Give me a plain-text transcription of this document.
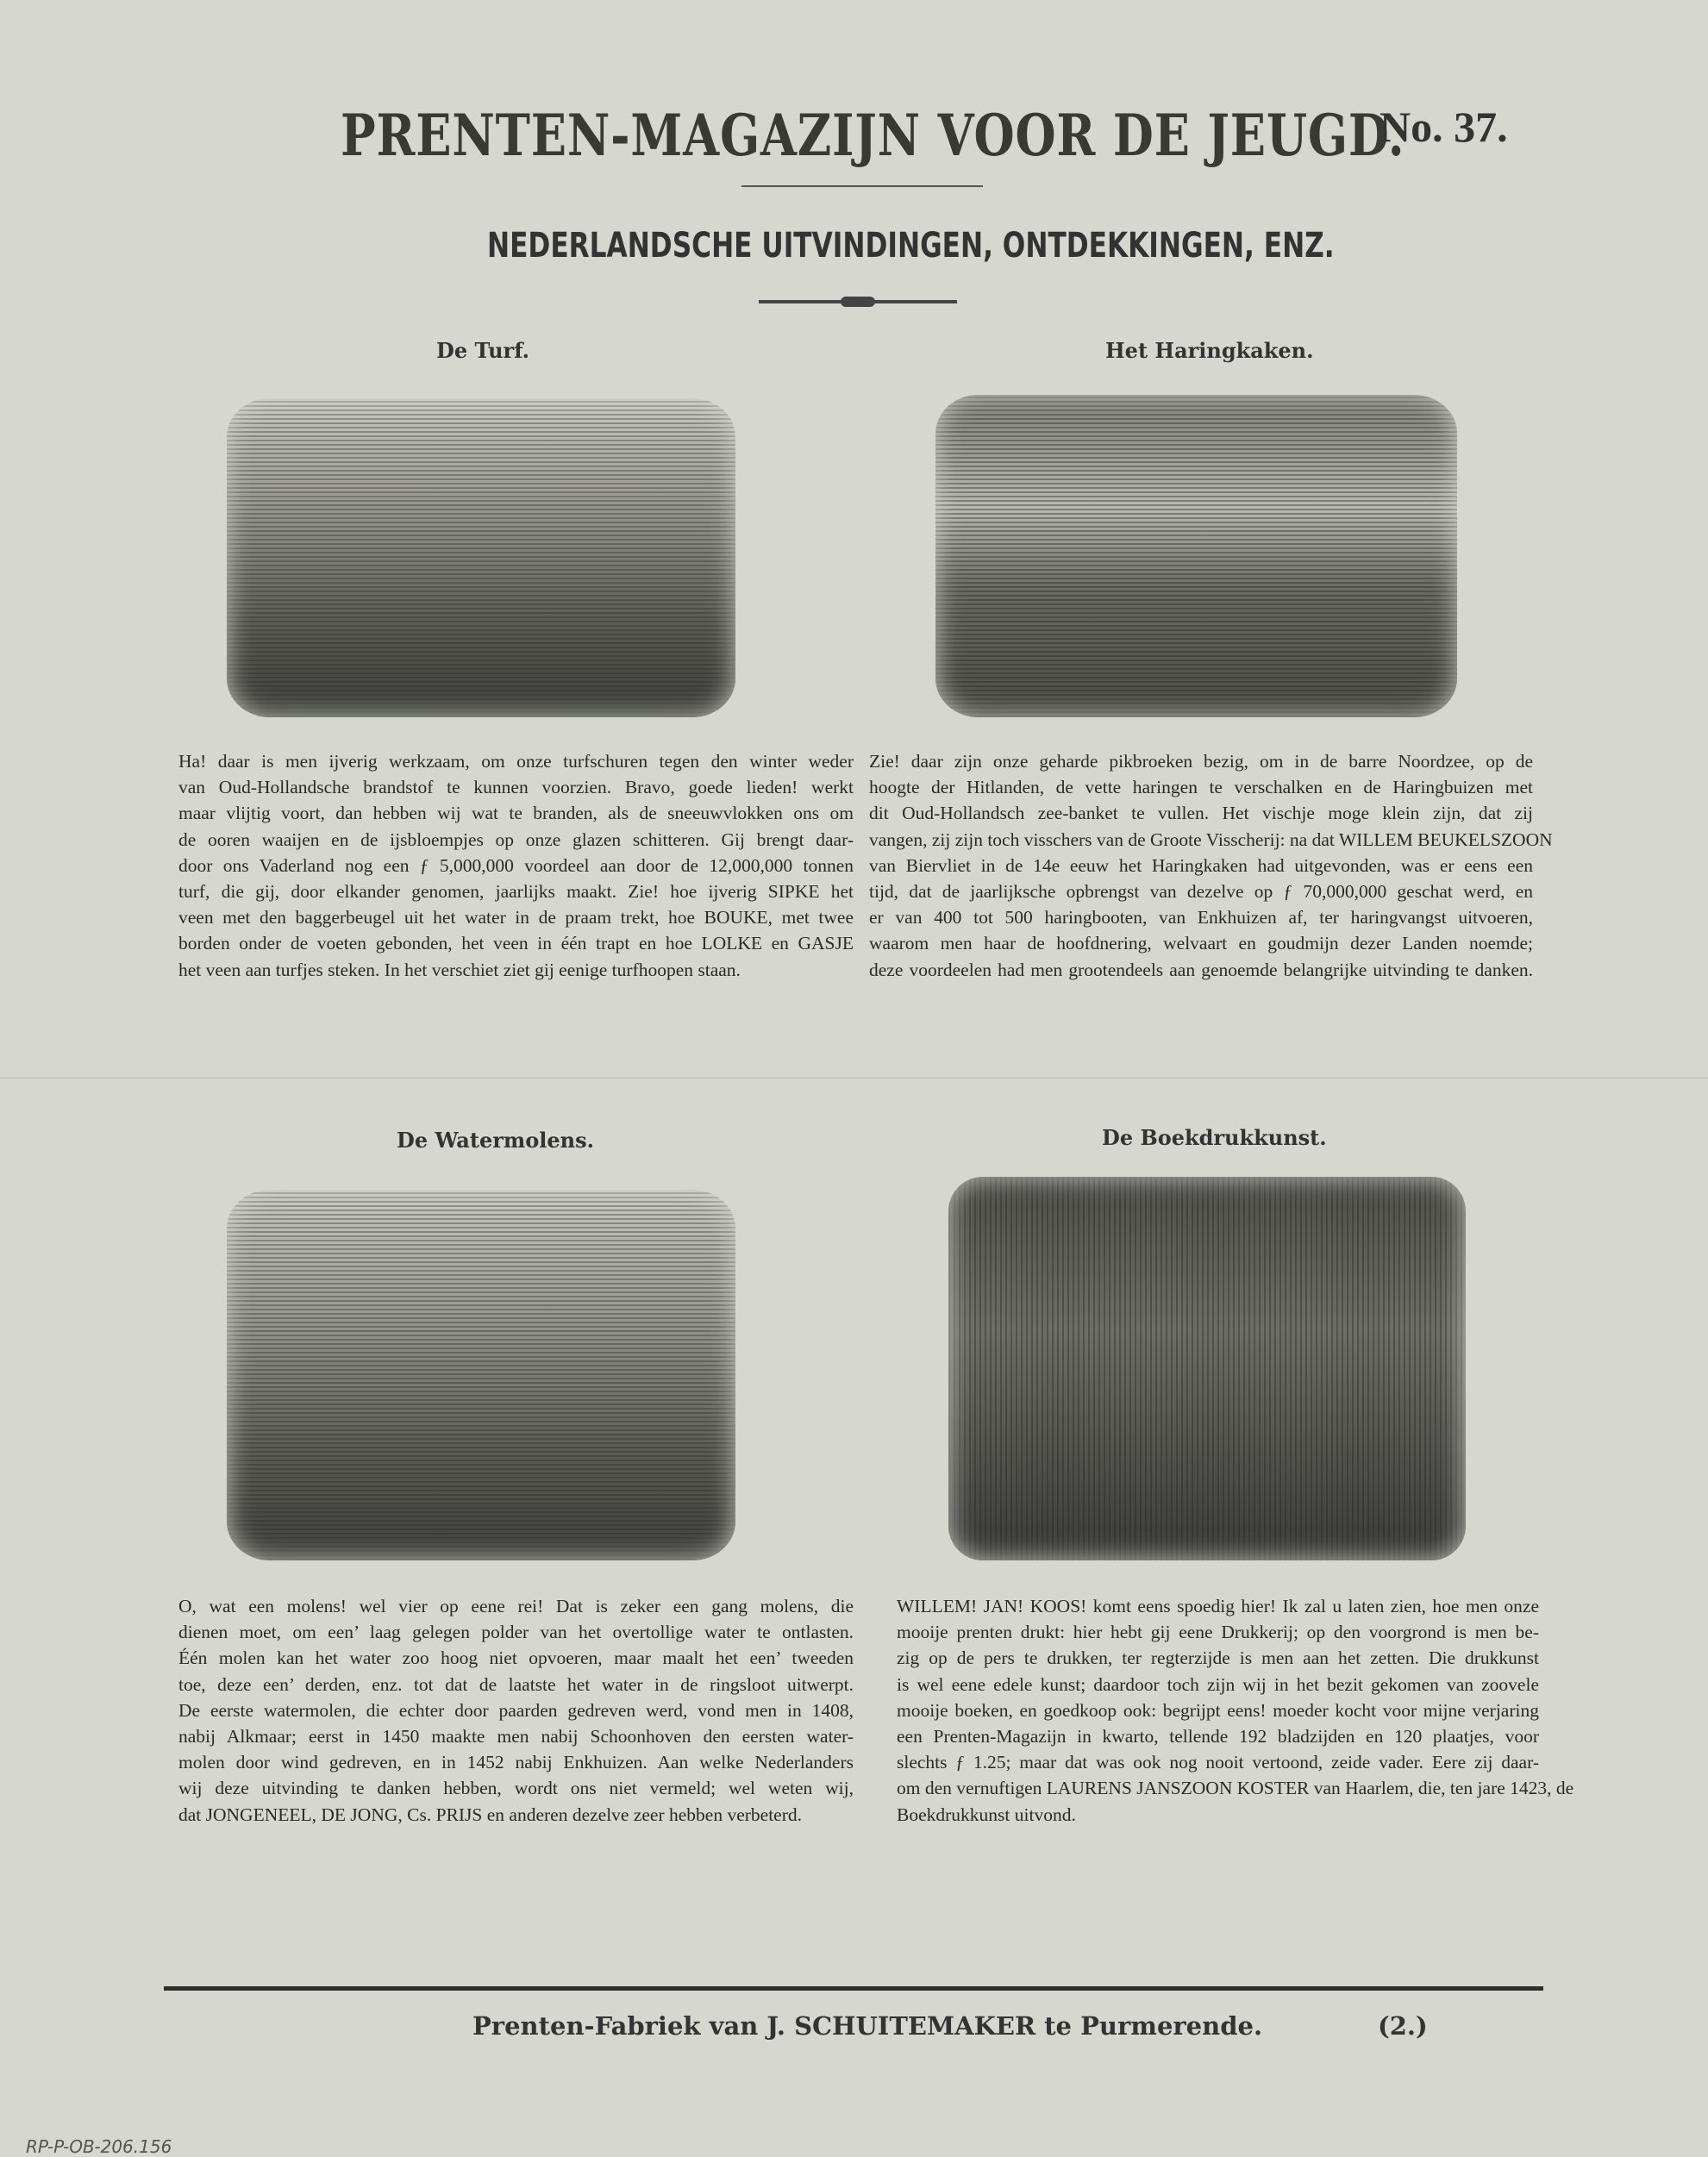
PRENTEN-MAGAZIJN VOOR DE JEUGD.
No. 37.
NEDERLANDSCHE UITVINDINGEN, ONTDEKKINGEN, ENZ.
De Turf.
Ha! daar is men ijverig werkzaam, om onze turfschuren tegen den winter weder
van Oud-Hollandsche brandstof te kunnen voorzien. Bravo, goede lieden! werkt
maar vlijtig voort, dan hebben wij wat te branden, als de sneeuwvlokken ons om
de ooren waaijen en de ijsbloempjes op onze glazen schitteren. Gij brengt daar-
door ons Vaderland nog een ƒ 5,000,000 voordeel aan door de 12,000,000 tonnen
turf, die gij, door elkander genomen, jaarlijks maakt. Zie! hoe ijverig SIPKE het
veen met den baggerbeugel uit het water in de praam trekt, hoe BOUKE, met twee
borden onder de voeten gebonden, het veen in één trapt en hoe LOLKE en GASJE
het veen aan turfjes steken. In het verschiet ziet gij eenige turfhoopen staan.
Het Haringkaken.
Zie! daar zijn onze geharde pikbroeken bezig, om in de barre Noordzee, op de
hoogte der Hitlanden, de vette haringen te verschalken en de Haringbuizen met
dit Oud-Hollandsch zee-banket te vullen. Het vischje moge klein zijn, dat zij
vangen, zij zijn toch visschers van de Groote Visscherij: na dat WILLEM BEUKELSZOON
van Biervliet in de 14e eeuw het Haringkaken had uitgevonden, was er eens een
tijd, dat de jaarlijksche opbrengst van dezelve op ƒ 70,000,000 geschat werd, en
er van 400 tot 500 haringbooten, van Enkhuizen af, ter haringvangst uitvoeren,
waarom men haar de hoofdnering, welvaart en goudmijn dezer Landen noemde;
deze voordeelen had men grootendeels aan genoemde belangrijke uitvinding te danken.
De Watermolens.
O, wat een molens! wel vier op eene rei! Dat is zeker een gang molens, die
dienen moet, om een’ laag gelegen polder van het overtollige water te ontlasten.
Één molen kan het water zoo hoog niet opvoeren, maar maalt het een’ tweeden
toe, deze een’ derden, enz. tot dat de laatste het water in de ringsloot uitwerpt.
De eerste watermolen, die echter door paarden gedreven werd, vond men in 1408,
nabij Alkmaar; eerst in 1450 maakte men nabij Schoonhoven den eersten water-
molen door wind gedreven, en in 1452 nabij Enkhuizen. Aan welke Nederlanders
wij deze uitvinding te danken hebben, wordt ons niet vermeld; wel weten wij,
dat JONGENEEL, DE JONG, Cs. PRIJS en anderen dezelve zeer hebben verbeterd.
De Boekdrukkunst.
WILLEM! JAN! KOOS! komt eens spoedig hier! Ik zal u laten zien, hoe men onze
mooije prenten drukt: hier hebt gij eene Drukkerij; op den voorgrond is men be-
zig op de pers te drukken, ter regterzijde is men aan het zetten. Die drukkunst
is wel eene edele kunst; daardoor toch zijn wij in het bezit gekomen van zoovele
mooije boeken, en goedkoop ook: begrijpt eens! moeder kocht voor mijne verjaring
een Prenten-Magazijn in kwarto, tellende 192 bladzijden en 120 plaatjes, voor
slechts ƒ 1.25; maar dat was ook nog nooit vertoond, zeide vader. Eere zij daar-
om den vernuftigen LAURENS JANSZOON KOSTER van Haarlem, die, ten jare 1423, de
Boekdrukkunst uitvond.
Prenten-Fabriek van J. SCHUITEMAKER te Purmerende.	(2.)
RP-P-OB-206.156
